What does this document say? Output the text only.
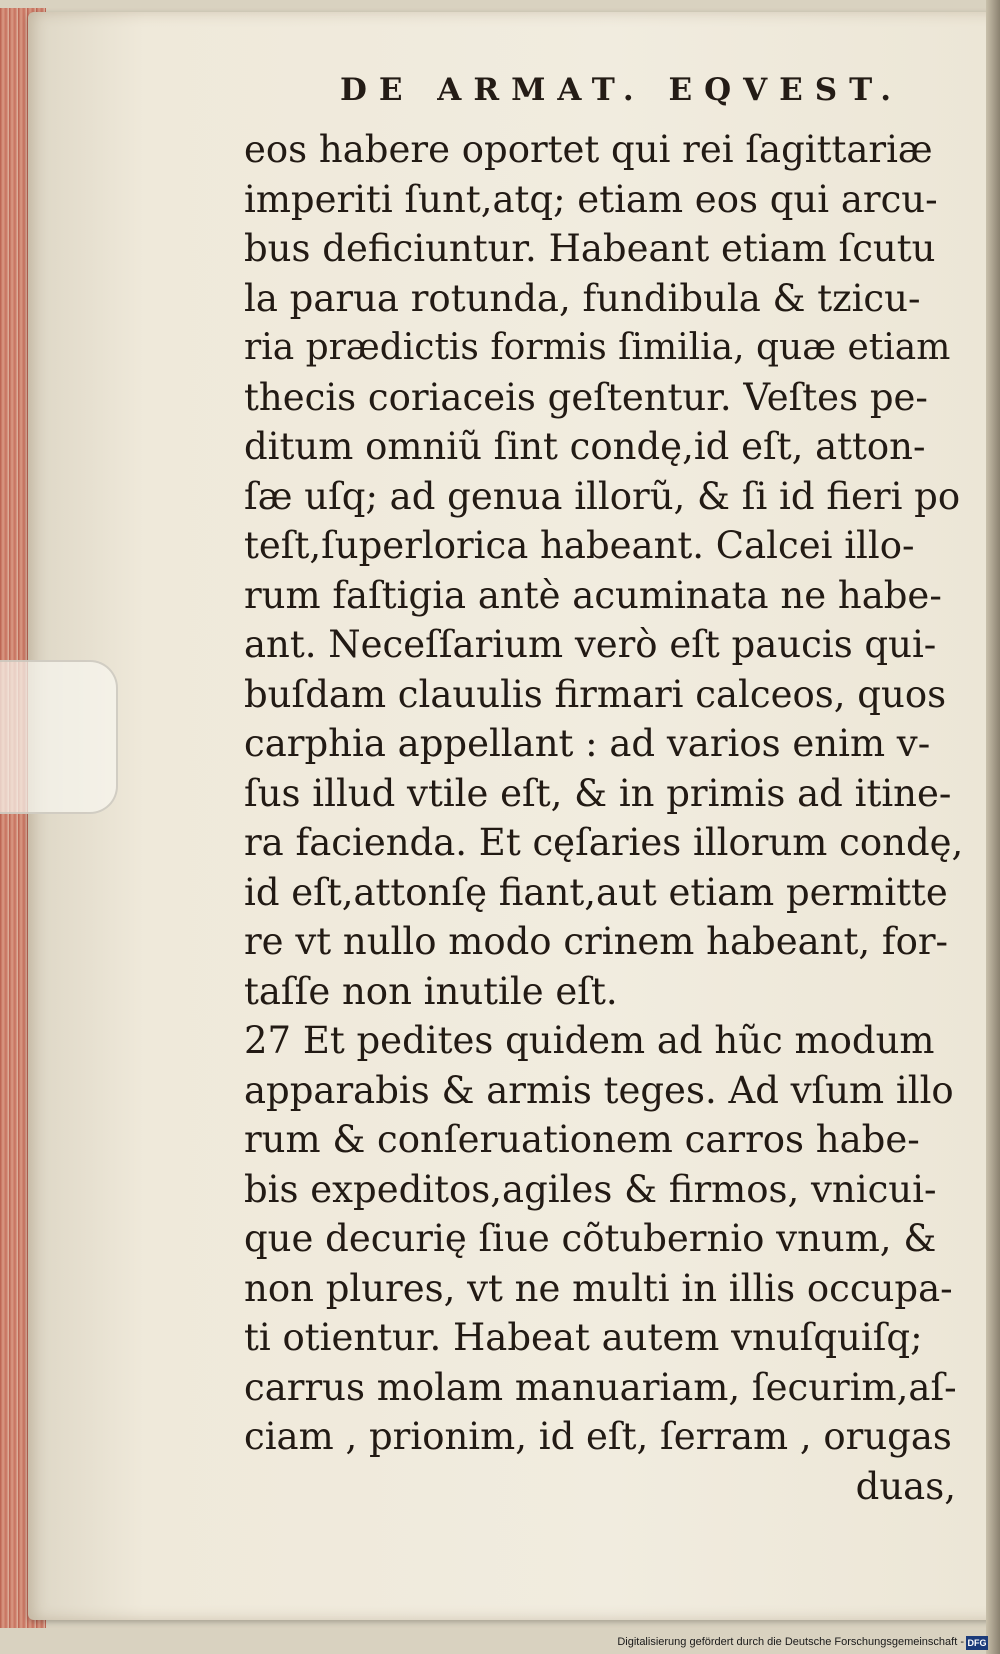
DE ARMAT. EQVEST.
eos habere oportet qui rei ſagittariæ
imperiti ſunt,atq; etiam eos qui arcu-
bus deficiuntur. Habeant etiam ſcutu
la parua rotunda, fundibula & tzicu-
ria prædictis formis ſimilia, quæ etiam
thecis coriaceis geſtentur. Veſtes pe-
ditum omniũ ſint condę,id eſt, atton-
ſæ uſq; ad genua illorũ, & ſi id fieri po
teſt,ſuperlorica habeant. Calcei illo-
rum faſtigia antè acuminata ne habe-
ant. Neceſſarium verò eſt paucis qui-
buſdam clauulis firmari calceos, quos
carphia appellant : ad varios enim v-
ſus illud vtile eſt, & in primis ad itine-
ra facienda. Et cęſaries illorum condę,
id eſt,attonſę fiant,aut etiam permitte
re vt nullo modo crinem habeant, for-
taſſe non inutile eſt.
27 Et pedites quidem ad hũc modum
apparabis & armis teges. Ad vſum illo
rum & conſeruationem carros habe-
bis expeditos,agiles & firmos, vnicui-
que decurię ſiue cõtubernio vnum, &
non plures, vt ne multi in illis occupa-
ti otientur. Habeat autem vnuſquiſq;
carrus molam manuariam, ſecurim,aſ-
ciam , prionim, id eſt, ſerram , orugas
duas,
Digitalisierung gefördert durch die Deutsche Forschungsgemeinschaft - DFG
